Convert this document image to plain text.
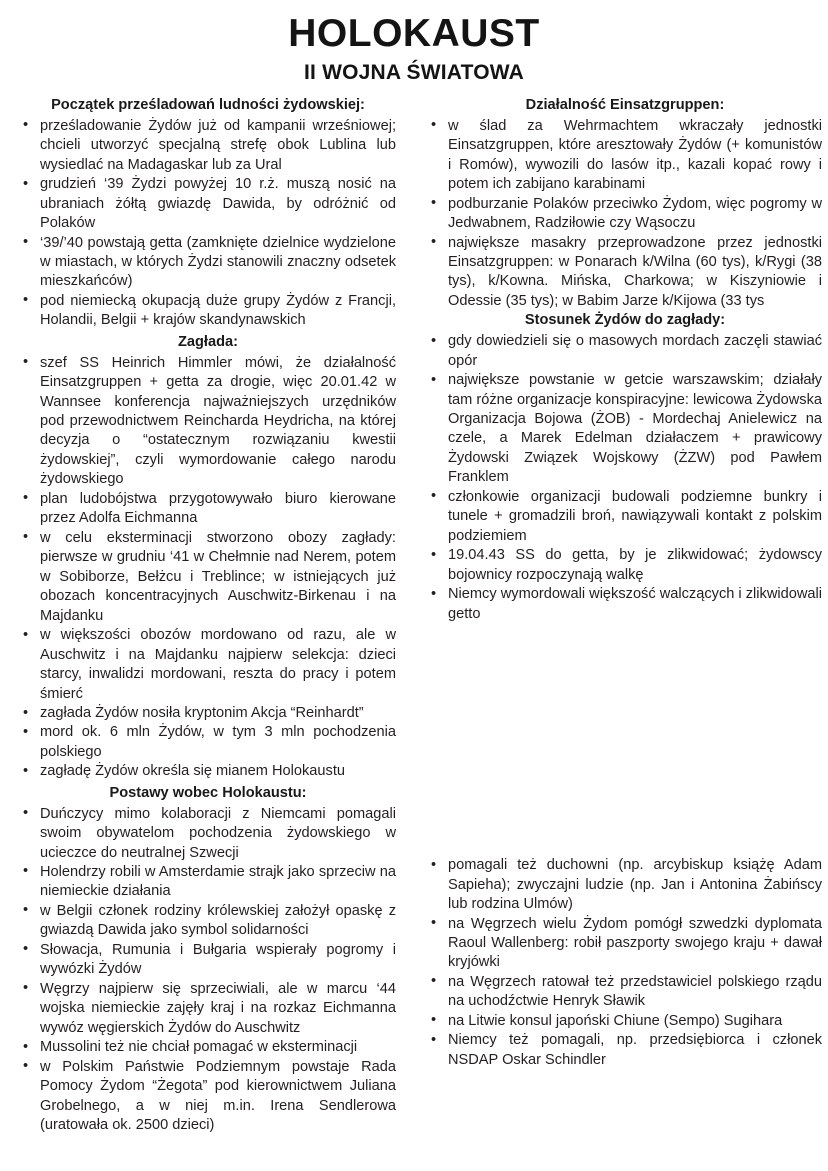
HOLOKAUST
II WOJNA ŚWIATOWA
Początek prześladowań ludności żydowskiej:
• prześladowanie Żydów już od kampanii wrześniowej; chcieli utworzyć specjalną strefę obok Lublina lub wysiedlać na Madagaskar lub za Ural
• grudzień ‘39 Żydzi powyżej 10 r.ż. muszą nosić na ubraniach żółtą gwiazdę Dawida, by odróżnić od Polaków
• ‘39/’40 powstają getta (zamknięte dzielnice wydzielone w miastach, w których Żydzi stanowili znaczny odsetek mieszkańców)
• pod niemiecką okupacją duże grupy Żydów z Francji, Holandii, Belgii + krajów skandynawskich
Zagłada:
• szef SS Heinrich Himmler mówi, że działalność Einsatzgruppen + getta za drogie, więc 20.01.42 w Wannsee konferencja najważniejszych urzędników pod przewodnictwem Reincharda Heydricha, na której decyzja o “ostatecznym rozwiązaniu kwestii żydowskiej”, czyli wymordowanie całego narodu żydowskiego
• plan ludobójstwa przygotowywało biuro kierowane przez Adolfa Eichmanna
• w celu eksterminacji stworzono obozy zagłady: pierwsze w grudniu ‘41 w Chełmnie nad Nerem, potem w Sobiborze, Bełżcu i Treblince; w istniejących już obozach koncentracyjnych Auschwitz-Birkenau i na Majdanku
• w większości obozów mordowano od razu, ale w Auschwitz i na Majdanku najpierw selekcja: dzieci starcy, inwalidzi mordowani, reszta do pracy i potem śmierć
• zagłada Żydów nosiła kryptonim Akcja “Reinhardt”
• mord ok. 6 mln Żydów, w tym 3 mln pochodzenia polskiego
• zagładę Żydów określa się mianem Holokaustu
Postawy wobec Holokaustu:
• Duńczycy mimo kolaboracji z Niemcami pomagali swoim obywatelom pochodzenia żydowskiego w ucieczce do neutralnej Szwecji
• Holendrzy robili w Amsterdamie strajk jako sprzeciw na niemieckie działania
• w Belgii członek rodziny królewskiej założył opaskę z gwiazdą Dawida jako symbol solidarności
• Słowacja, Rumunia i Bułgaria wspierały pogromy i wywózki Żydów
• Węgrzy najpierw się sprzeciwiali, ale w marcu ‘44 wojska niemieckie zajęły kraj i na rozkaz Eichmanna wywóz węgierskich Żydów do Auschwitz
• Mussolini też nie chciał pomagać w eksterminacji
• w Polskim Państwie Podziemnym powstaje Rada Pomocy Żydom “Żegota” pod kierownictwem Juliana Grobelnego, a w niej m.in. Irena Sendlerowa (uratowała ok. 2500 dzieci)
Działalność Einsatzgruppen:
• w ślad za Wehrmachtem wkraczały jednostki Einsatzgruppen, które aresztowały Żydów (+ komunistów i Romów), wywozili do lasów itp., kazali kopać rowy i potem ich zabijano karabinami
• podburzanie Polaków przeciwko Żydom, więc pogromy w Jedwabnem, Radziłowie czy Wąsoczu
• największe masakry przeprowadzone przez jednostki Einsatzgruppen: w Ponarach k/Wilna (60 tys), k/Rygi (38 tys), k/Kowna. Mińska, Charkowa; w Kiszyniowie i Odessie (35 tys); w Babim Jarze k/Kijowa (33 tys
Stosunek Żydów do zagłady:
• gdy dowiedzieli się o masowych mordach zaczęli stawiać opór
• największe powstanie w getcie warszawskim; działały tam różne organizacje konspiracyjne: lewicowa Żydowska Organizacja Bojowa (ŻOB) - Mordechaj Anielewicz na czele, a Marek Edelman działaczem + prawicowy Żydowski Związek Wojskowy (ŻZW) pod Pawłem Franklem
• członkowie organizacji budowali podziemne bunkry i tunele + gromadzili broń, nawiązywali kontakt z polskim podziemiem
• 19.04.43 SS do getta, by je zlikwidować; żydowscy bojownicy rozpoczynają walkę
• Niemcy wymordowali większość walczących i zlikwidowali getto
• pomagali też duchowni (np. arcybiskup książę Adam Sapieha); zwyczajni ludzie (np. Jan i Antonina Żabińscy lub rodzina Ulmów)
• na Węgrzech wielu Żydom pomógł szwedzki dyplomata Raoul Wallenberg: robił paszporty swojego kraju + dawał kryjówki
• na Węgrzech ratował też przedstawiciel polskiego rządu na uchodźctwie Henryk Sławik
• na Litwie konsul japoński Chiune (Sempo) Sugihara
• Niemcy też pomagali, np. przedsiębiorca i członek NSDAP Oskar Schindler
